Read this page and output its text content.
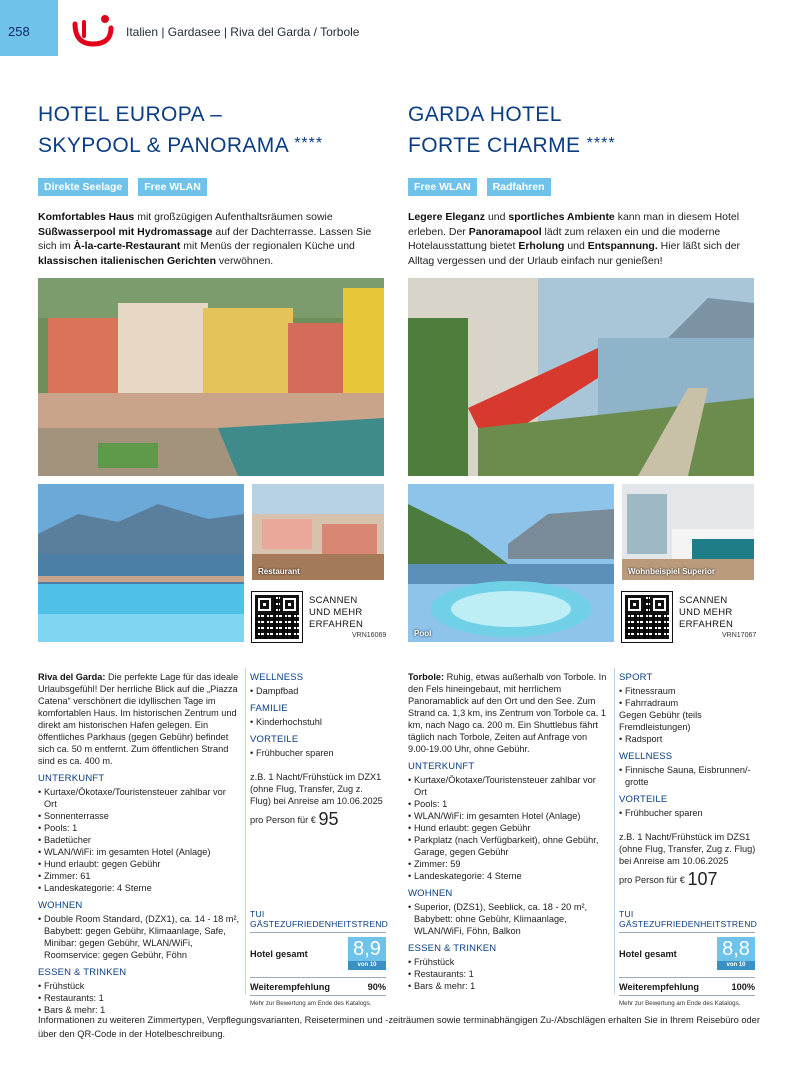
258	Italien | Gardasee | Riva del Garda / Torbole
HOTEL EUROPA –
SKYPOOL & PANORAMA ****
Direkte Seelage	Free WLAN
Komfortables Haus mit großzügigen Aufenthaltsräumen sowie Süßwasserpool mit Hydromassage auf der Dachterrasse. Lassen Sie sich im À-la-carte-Restaurant mit Menüs der regionalen Küche und klassischen italienischen Gerichten verwöhnen.
GARDA HOTEL
FORTE CHARME ****
Free WLAN	Radfahren
Legere Eleganz und sportliches Ambiente kann man in diesem Hotel erleben. Der Panoramapool lädt zum relaxen ein und die moderne Hotelausstattung bietet Erholung und Entspannung. Hier läßt sich der Alltag vergessen und der Urlaub einfach nur genießen!
Restaurant
SCANNEN
UND MEHR
ERFAHREN
VRN16069	Pool
Wohnbeispiel Superior
SCANNEN
UND MEHR
ERFAHREN
VRN17067

Riva del Garda: Die perfekte Lage für das ideale Urlaubsgefühl! Der herrliche Blick auf die „Piazza Catena“ verschönert die idyllischen Tage im komfortablen Haus. Im historischen Zentrum und direkt am historischen Hafen gelegen. Ein öffentliches Parkhaus (gegen Gebühr) befindet sich ca. 50 m entfernt. Zum öffentlichen Strand sind es ca. 400 m.

UNTERKUNFT
• Kurtaxe/Ökotaxe/Touristensteuer zahlbar vor Ort
• Sonnenterrasse
• Pools: 1
• Badetücher
• WLAN/WiFi: im gesamten Hotel (Anlage)
• Hund erlaubt: gegen Gebühr
• Zimmer: 61
• Landeskategorie: 4 Sterne
WOHNEN
• Double Room Standard, (DZX1), ca. 14 - 18 m², Babybett: gegen Gebühr, Klimaanlage, Safe, Minibar: gegen Gebühr, WLAN/WiFi, Roomservice: gegen Gebühr, Föhn
ESSEN & TRINKEN
• Frühstück
• Restaurants: 1
• Bars & mehr: 1
WELLNESS
• Dampfbad
FAMILIE
• Kinderhochstuhl
VORTEILE
• Frühbucher sparen
z.B. 1 Nacht/Frühstück im DZX1 (ohne Flug, Transfer, Zug z. Flug) bei Anreise am 10.06.2025
pro Person für € 95
TUI GÄSTEZUFRIEDENHEITSTREND
Hotel gesamt 8,9
von 10
Weiterempfehlung	90%
Mehr zur Bewertung am Ende des Katalogs.

Torbole: Ruhig, etwas außerhalb von Torbole. In den Fels hineingebaut, mit herrlichem Panoramablick auf den Ort und den See. Zum Strand ca. 1,3 km, ins Zentrum von Torbole ca. 1 km, nach Nago ca. 200 m. Ein Shuttlebus fährt täglich nach Torbole, Zeiten auf Anfrage von 9.00-19.00 Uhr, ohne Gebühr.

UNTERKUNFT
• Kurtaxe/Ökotaxe/Touristensteuer zahlbar vor Ort
• Pools: 1
• WLAN/WiFi: im gesamten Hotel (Anlage)
• Hund erlaubt: gegen Gebühr
• Parkplatz (nach Verfügbarkeit), ohne Gebühr, Garage, gegen Gebühr
• Zimmer: 59
• Landeskategorie: 4 Sterne
WOHNEN
• Superior, (DZS1), Seeblick, ca. 18 - 20 m², Babybett: ohne Gebühr, Klimaanlage, WLAN/WiFi, Föhn, Balkon
ESSEN & TRINKEN
• Frühstück
• Restaurants: 1
• Bars & mehr: 1
SPORT
• Fitnessraum
• Fahrradraum
Gegen Gebühr (teils Fremdleistungen)
• Radsport
WELLNESS
• Finnische Sauna, Eisbrunnen/-grotte
VORTEILE
• Frühbucher sparen
z.B. 1 Nacht/Frühstück im DZS1 (ohne Flug, Transfer, Zug z. Flug) bei Anreise am 10.06.2025
pro Person für € 107
TUI GÄSTEZUFRIEDENHEITSTREND
Hotel gesamt 8,8
von 10
Weiterempfehlung	100%
Mehr zur Bewertung am Ende des Katalogs.
Informationen zu weiteren Zimmertypen, Verpflegungsvarianten, Reiseterminen und -zeiträumen sowie terminabhängigen Zu-/Abschlägen erhalten Sie in Ihrem Reisebüro oder über den QR-Code in der Hotelbeschreibung.
